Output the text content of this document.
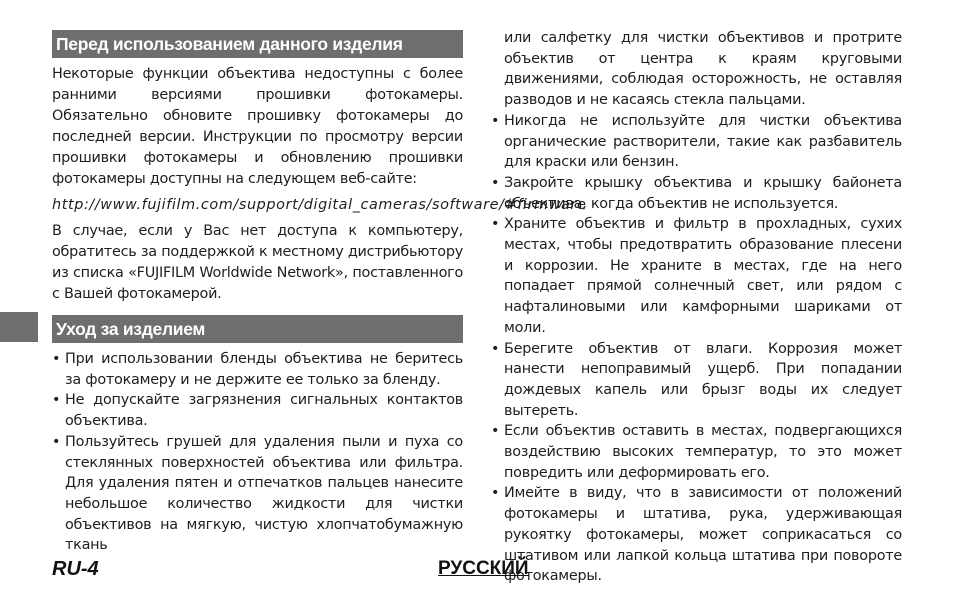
Перед использованием данного изделия

Некоторые функции объектива недоступны с более ранними версиями прошивки фотокамеры. Обязательно обновите прошивку фотокамеры до последней версии. Инструкции по просмотру версии прошивки фотокамеры и обновлению прошивки фотокамеры доступны на следующем веб-сайте:

http://www.fujifilm.com/support/digital_cameras/software/#firmware

В случае, если у Вас нет доступа к компьютеру, обратитесь за поддержкой к местному дистрибьютору из списка «FUJIFILM Worldwide Network», поставленного с Вашей фотокамерой.

Уход за изделием
• При использовании бленды объектива не беритесь за фотокамеру и не держите ее только за бленду.
• Не допускайте загрязнения сигнальных контактов объектива.
• Пользуйтесь грушей для удаления пыли и пуха со стеклянных поверхностей объектива или фильтра. Для удаления пятен и отпечатков пальцев нанесите небольшое количество жидкости для чистки объективов на мягкую, чистую хлопчатобумажную ткань

или салфетку для чистки объективов и протрите объектив от центра к краям круговыми движениями, соблюдая осторожность, не оставляя разводов и не касаясь стекла пальцами.

• Никогда не используйте для чистки объектива органические растворители, такие как разбавитель для краски или бензин.
• Закройте крышку объектива и крышку байонета объектива, когда объектив не используется.
• Храните объектив и фильтр в прохладных, сухих местах, чтобы предотвратить образование плесени и коррозии. Не храните в местах, где на него попадает прямой солнечный свет, или рядом с нафталиновыми или камфорными шариками от моли.
• Берегите объектив от влаги. Коррозия может нанести непоправимый ущерб. При попадании дождевых капель или брызг воды их следует вытереть.
• Если объектив оставить в местах, подвергающихся воздействию высоких температур, то это может повредить или деформировать его.
• Имейте в виду, что в зависимости от положений фотокамеры и штатива, рука, удерживающая рукоятку фотокамеры, может соприкасаться со штативом или лапкой кольца штатива при повороте фотокамеры.
RU-4	РУССКИЙ
